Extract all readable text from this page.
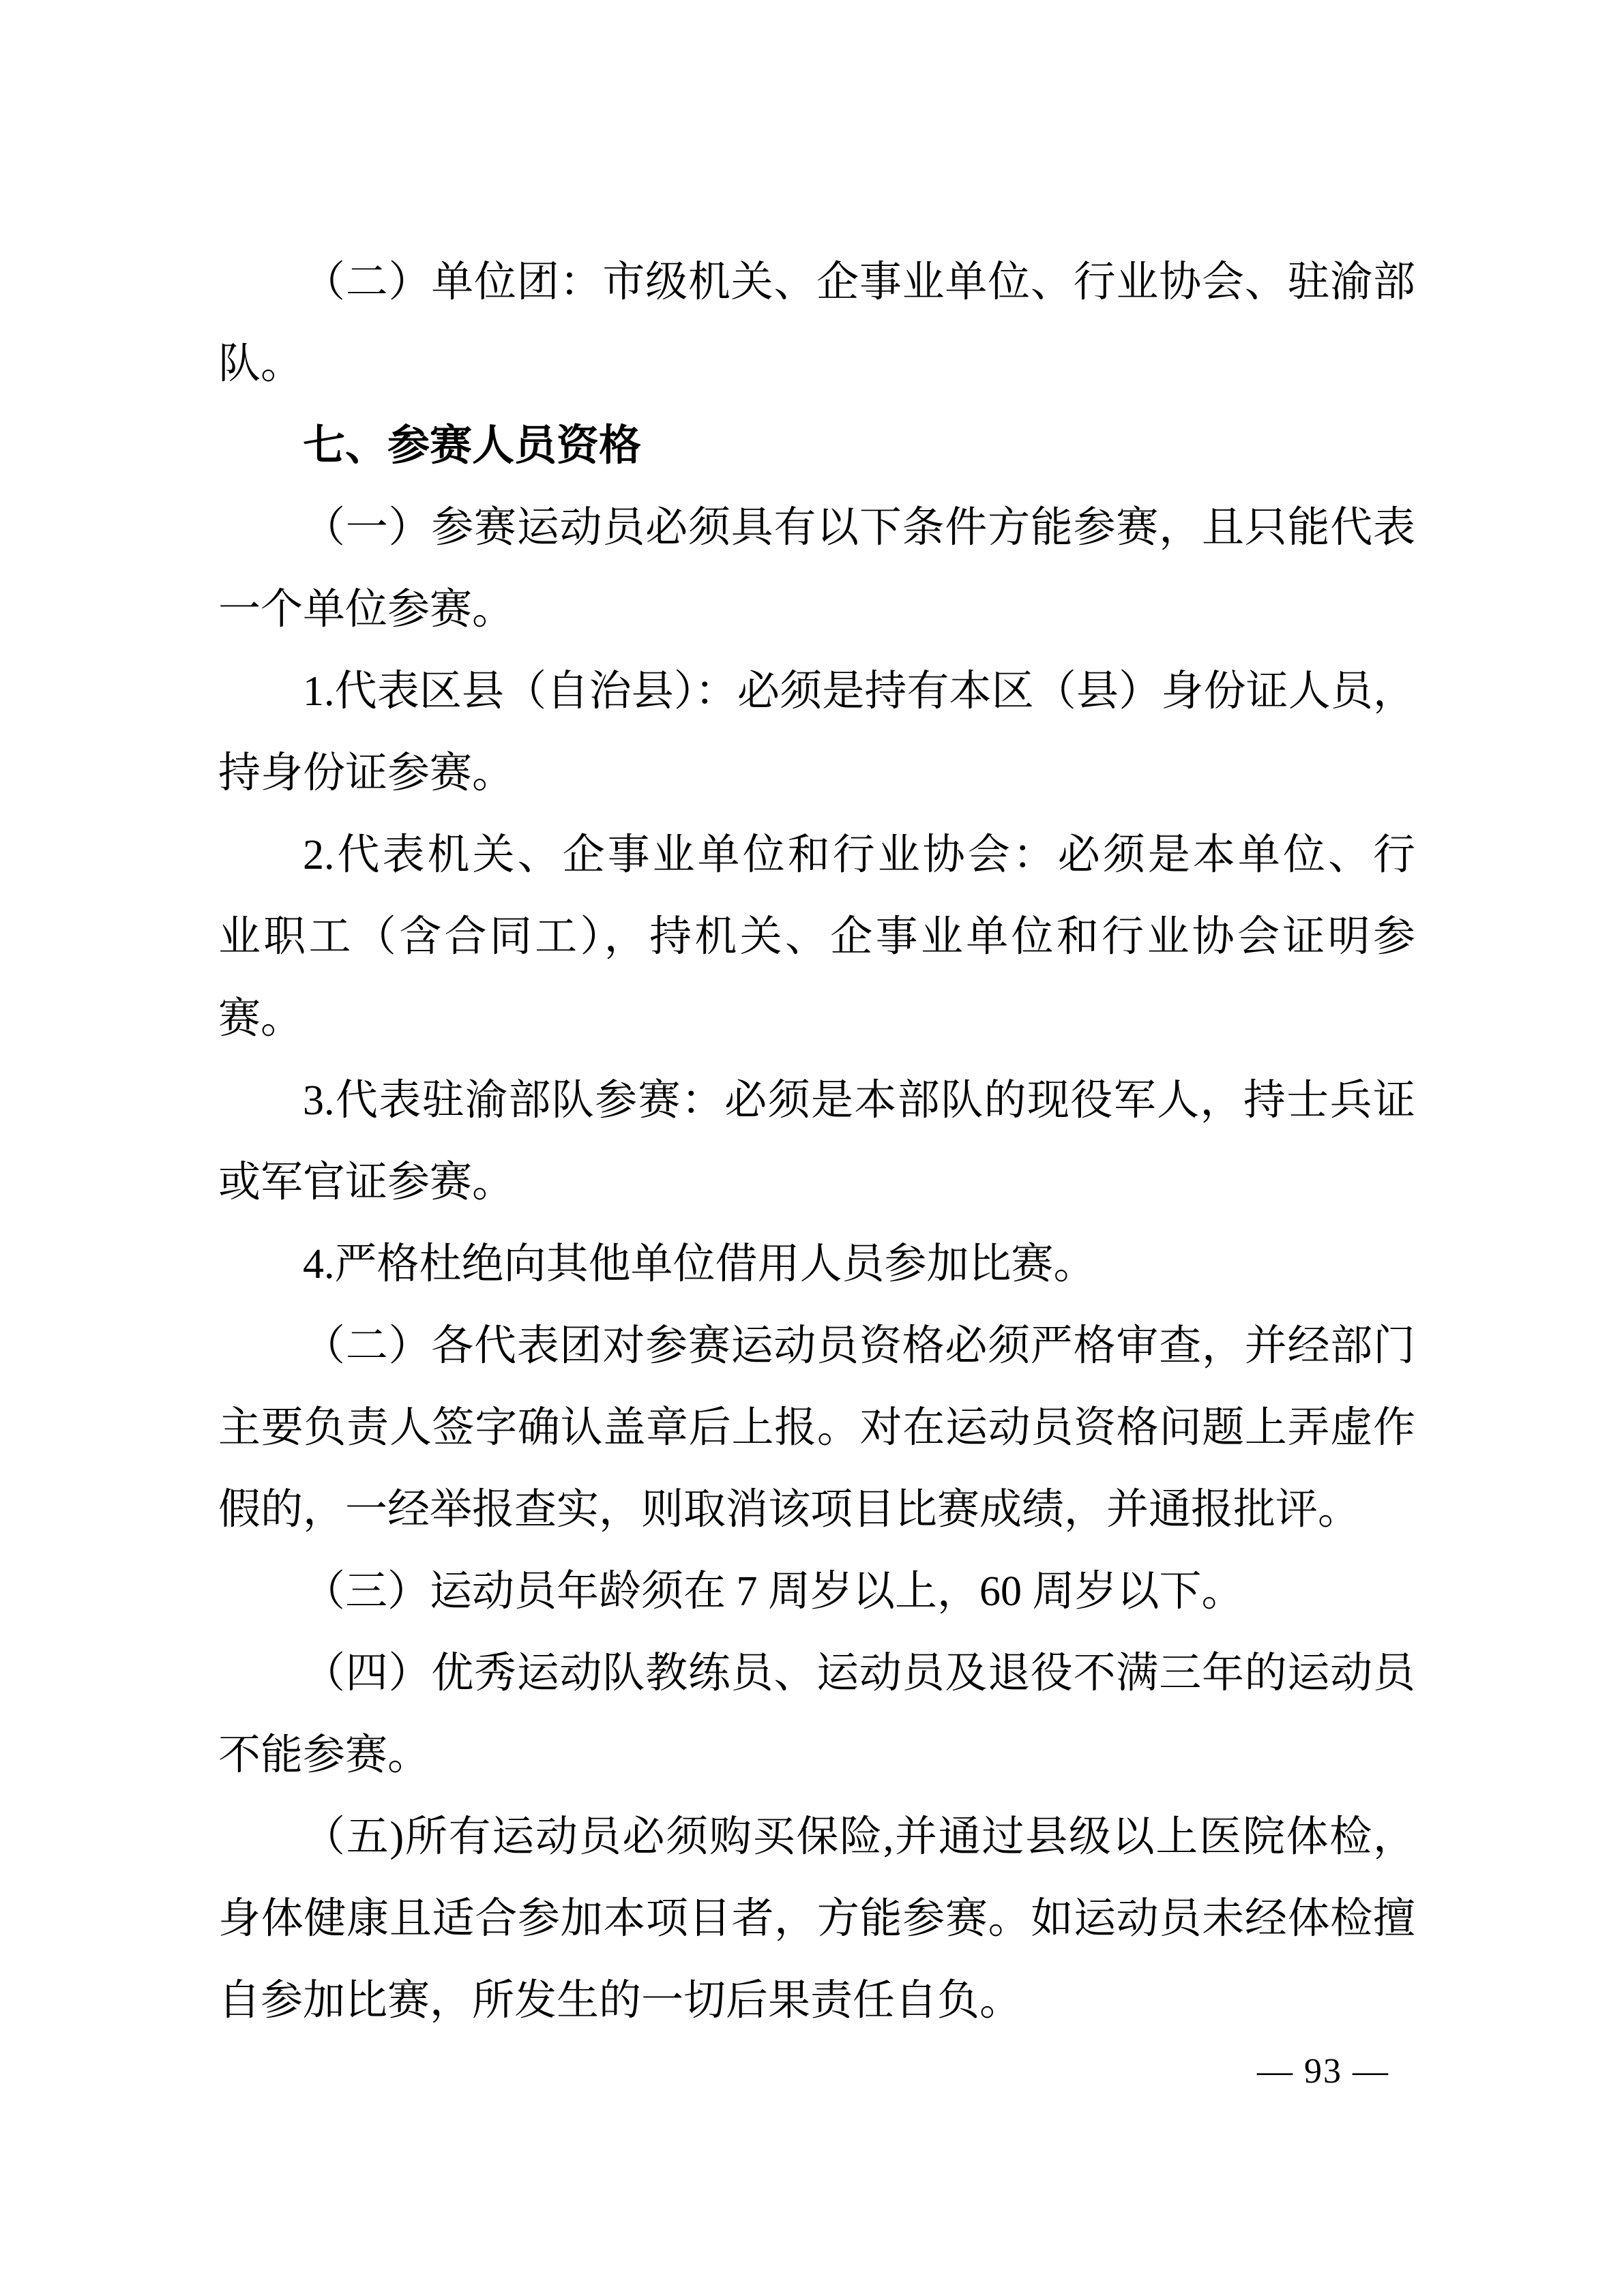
（二）单位团：市级机关、企事业单位、行业协会、驻渝部
队。
七、参赛人员资格
（一）参赛运动员必须具有以下条件方能参赛，且只能代表
一个单位参赛。
1.代表区县（自治县）：必须是持有本区（县）身份证人员，
持身份证参赛。
2.代表机关、企事业单位和行业协会：必须是本单位、行
业职工（含合同工），持机关、企事业单位和行业协会证明参
赛。
3.代表驻渝部队参赛：必须是本部队的现役军人，持士兵证
或军官证参赛。
4.严格杜绝向其他单位借用人员参加比赛。
（二）各代表团对参赛运动员资格必须严格审查，并经部门
主要负责人签字确认盖章后上报。对在运动员资格问题上弄虚作
假的，一经举报查实，则取消该项目比赛成绩，并通报批评。
（三）运动员年龄须在 7 周岁以上，60 周岁以下。
（四）优秀运动队教练员、运动员及退役不满三年的运动员
不能参赛。
（五)所有运动员必须购买保险,并通过县级以上医院体检，
身体健康且适合参加本项目者，方能参赛。如运动员未经体检擅
自参加比赛，所发生的一切后果责任自负。
— 93 —
